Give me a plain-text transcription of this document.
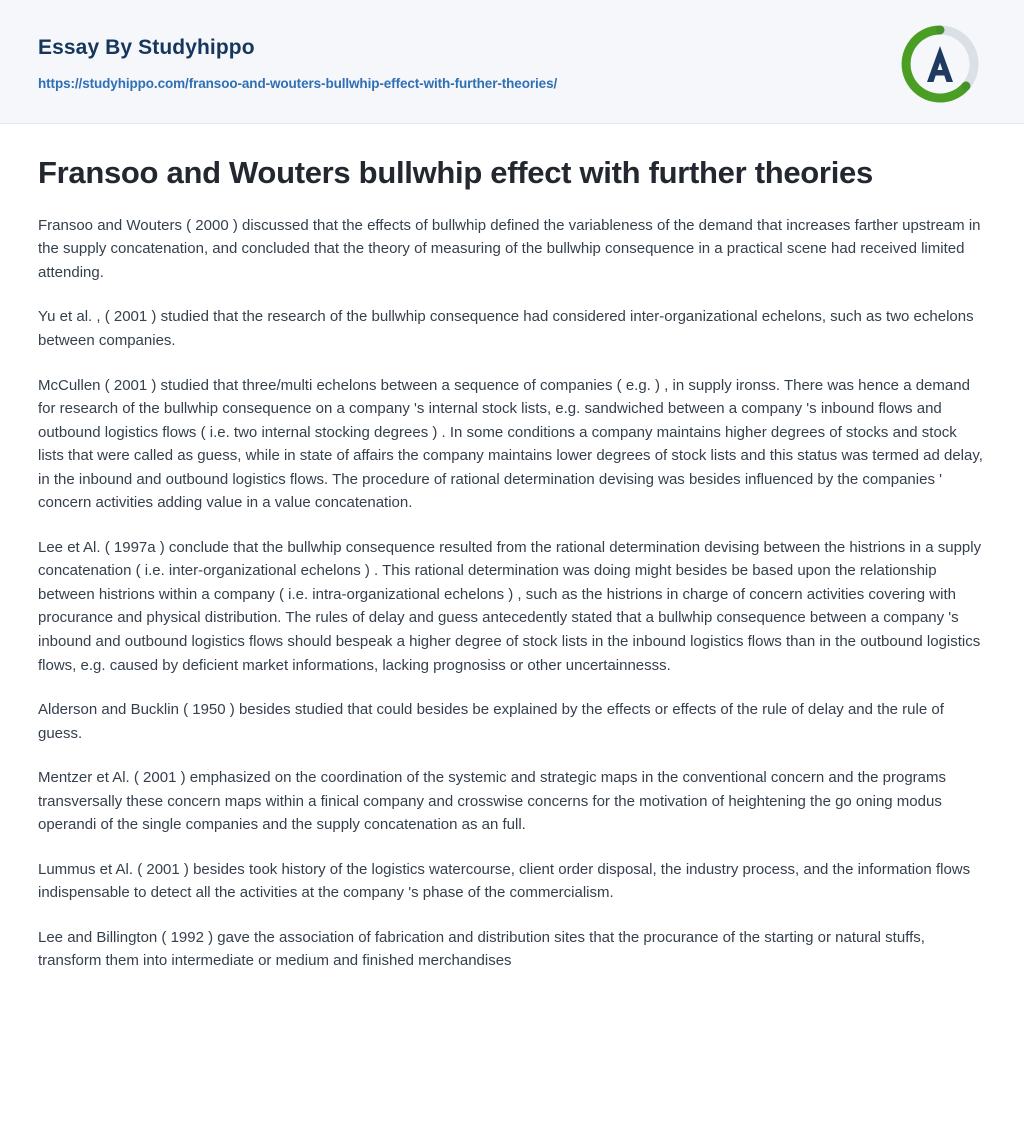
Essay By Studyhippo
https://studyhippo.com/fransoo-and-wouters-bullwhip-effect-with-further-theories/
Fransoo and Wouters bullwhip effect with further theories

Fransoo and Wouters ( 2000 ) discussed that the effects of bullwhip defined the variableness of the demand that increases farther upstream in the supply concatenation, and concluded that the theory of measuring of the bullwhip consequence in a practical scene had received limited attending.

Yu et al. , ( 2001 ) studied that the research of the bullwhip consequence had considered inter-organizational echelons, such as two echelons between companies.

McCullen ( 2001 ) studied that three/multi echelons between a sequence of companies ( e.g. ) , in supply ironss. There was hence a demand for research of the bullwhip consequence on a company 's internal stock lists, e.g. sandwiched between a company 's inbound flows and outbound logistics flows ( i.e. two internal stocking degrees ) . In some conditions a company maintains higher degrees of stocks and stock lists that were called as guess, while in state of affairs the company maintains lower degrees of stock lists and this status was termed ad delay, in the inbound and outbound logistics flows. The procedure of rational determination devising was besides influenced by the companies ' concern activities adding value in a value concatenation.

Lee et Al. ( 1997a ) conclude that the bullwhip consequence resulted from the rational determination devising between the histrions in a supply concatenation ( i.e. inter-organizational echelons ) . This rational determination was doing might besides be based upon the relationship between histrions within a company ( i.e. intra-organizational echelons ) , such as the histrions in charge of concern activities covering with procurance and physical distribution. The rules of delay and guess antecedently stated that a bullwhip consequence between a company 's inbound and outbound logistics flows should bespeak a higher degree of stock lists in the inbound logistics flows than in the outbound logistics flows, e.g. caused by deficient market informations, lacking prognosiss or other uncertainnesss.

Alderson and Bucklin ( 1950 ) besides studied that could besides be explained by the effects or effects of the rule of delay and the rule of guess.

Mentzer et Al. ( 2001 ) emphasized on the coordination of the systemic and strategic maps in the conventional concern and the programs transversally these concern maps within a finical company and crosswise concerns for the motivation of heightening the go oning modus operandi of the single companies and the supply concatenation as an full.

Lummus et Al. ( 2001 ) besides took history of the logistics watercourse, client order disposal, the industry process, and the information flows indispensable to detect all the activities at the company 's phase of the commercialism.

Lee and Billington ( 1992 ) gave the association of fabrication and distribution sites that the procurance of the starting or natural stuffs, transform them into intermediate or medium and finished merchandises
